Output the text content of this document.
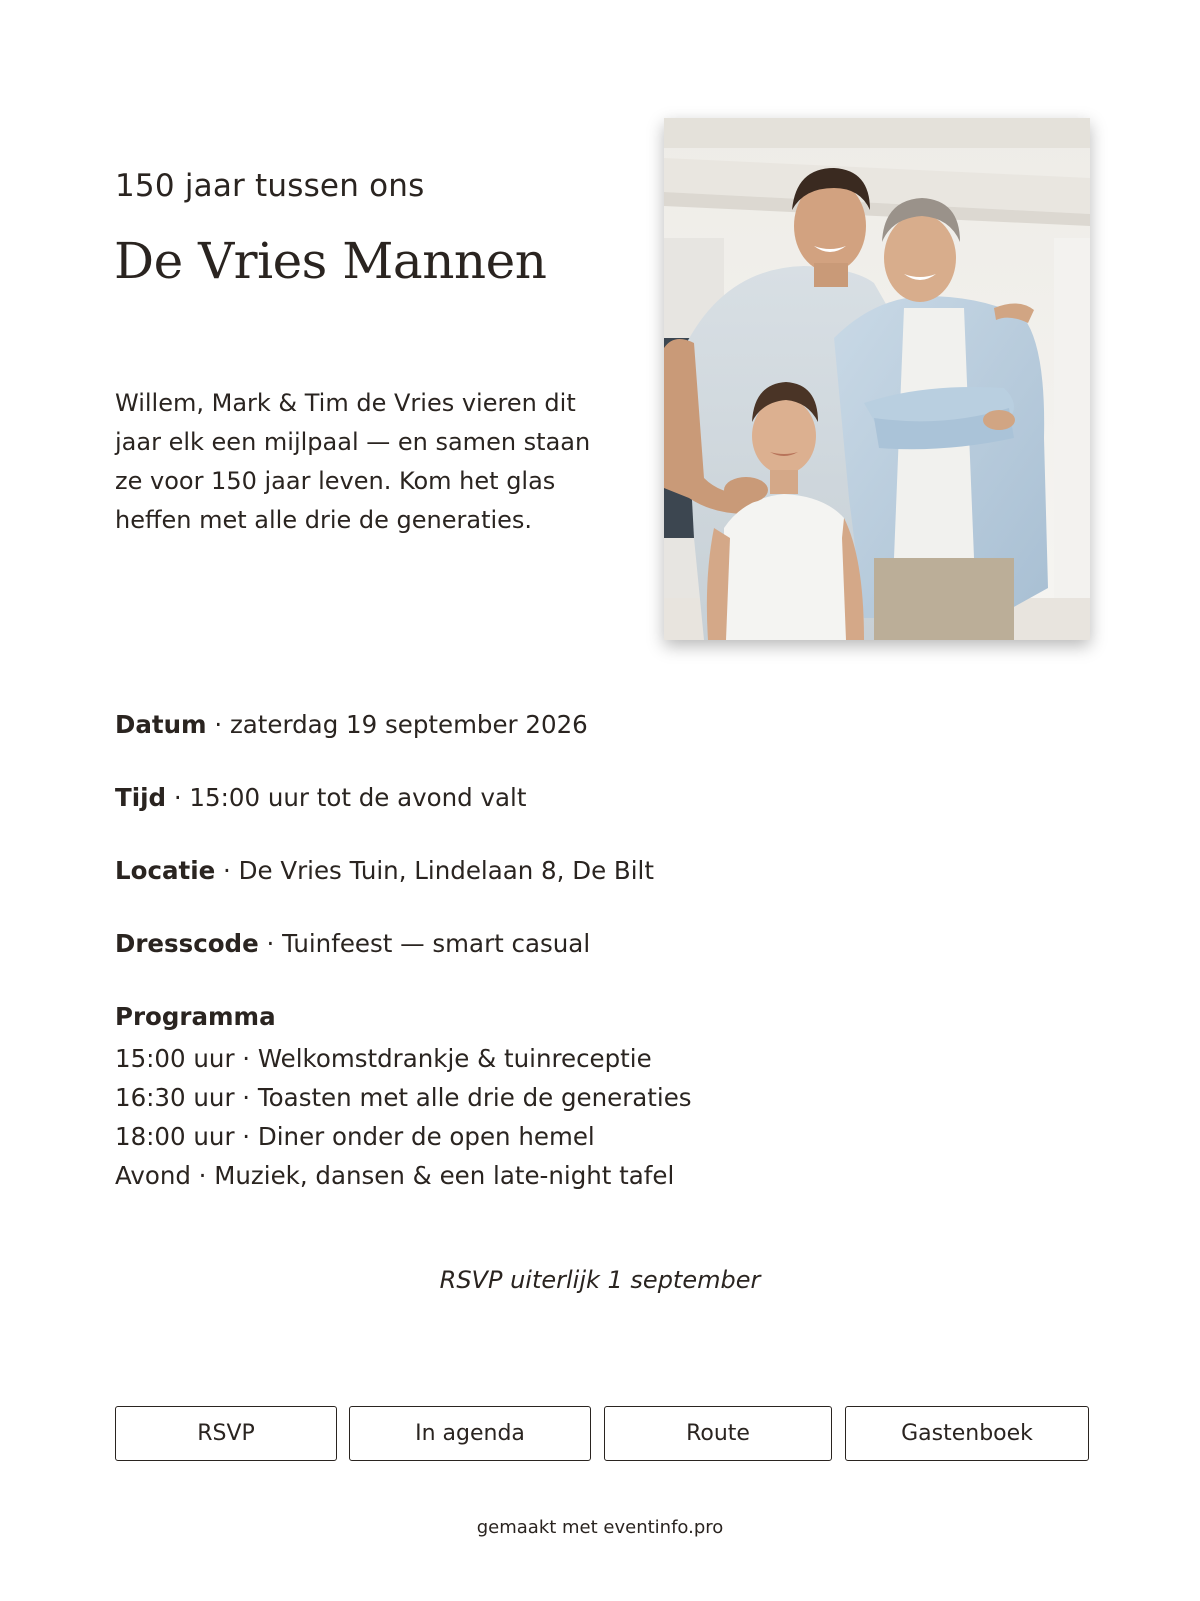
150 jaar tussen ons
De Vries Mannen
Willem, Mark & Tim de Vries vieren dit jaar elk een mijlpaal — en samen staan ze voor 150 jaar leven. Kom het glas heffen met alle drie de generaties.
Datum · zaterdag 19 september 2026
Tijd · 15:00 uur tot de avond valt
Locatie · De Vries Tuin, Lindelaan 8, De Bilt
Dresscode · Tuinfeest — smart casual
Programma
15:00 uur · Welkomstdrankje & tuinreceptie
16:30 uur · Toasten met alle drie de generaties
18:00 uur · Diner onder de open hemel
Avond · Muziek, dansen & een late-night tafel
RSVP uiterlijk 1 september
RSVP	In agenda	Route	Gastenboek
gemaakt met eventinfo.pro
